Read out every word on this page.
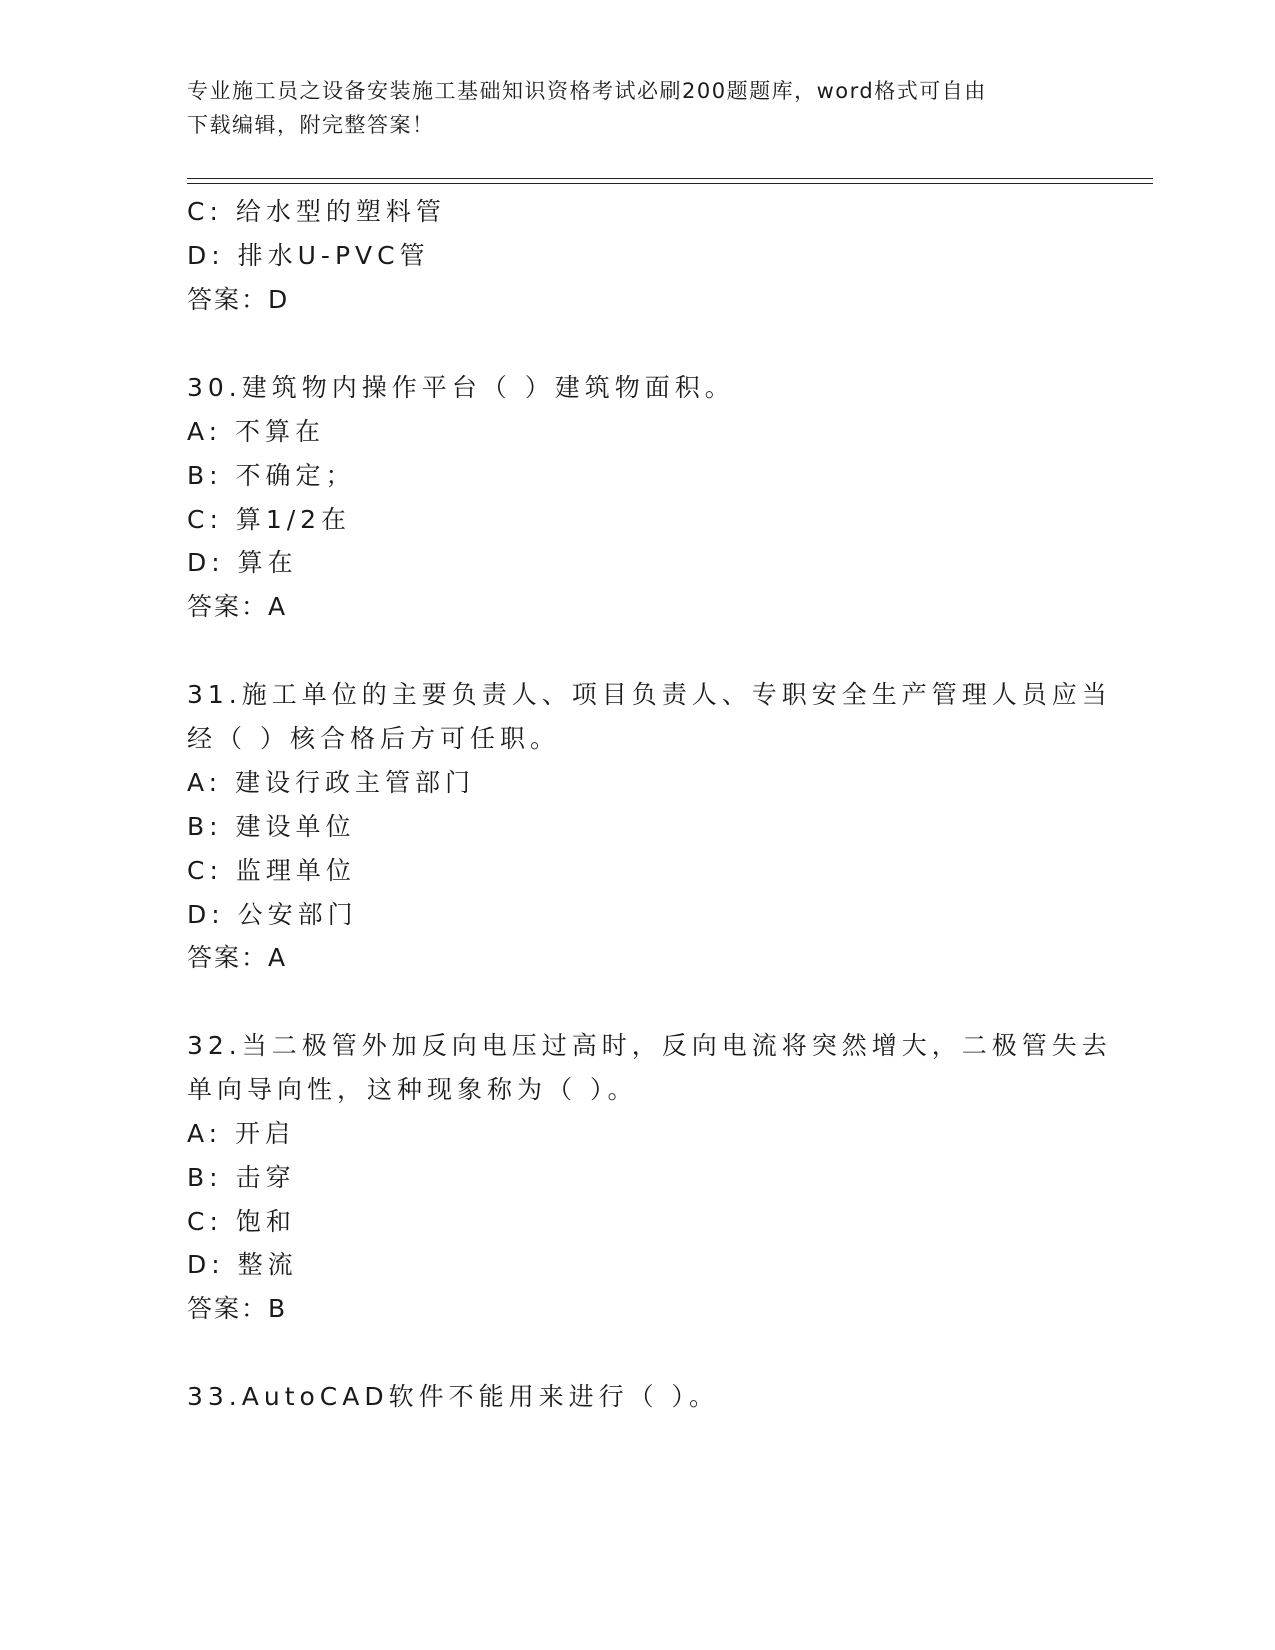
专业施工员之设备安装施工基础知识资格考试必刷200题题库，word格式可自由
下载编辑，附完整答案！
C: 给水型的塑料管
D: 排水U-PVC管
答案：D
30.建筑物内操作平台（ ）建筑物面积。
A: 不算在
B: 不确定；
C: 算1/2在
D: 算在
答案：A
31.施工单位的主要负责人、项目负责人、专职安全生产管理人员应当
经（ ）核合格后方可任职。
A: 建设行政主管部门
B: 建设单位
C: 监理单位
D: 公安部门
答案：A
32.当二极管外加反向电压过高时，反向电流将突然增大，二极管失去
单向导向性，这种现象称为（ ）。
A: 开启
B: 击穿
C: 饱和
D: 整流
答案：B
33.AutoCAD软件不能用来进行（ ）。
